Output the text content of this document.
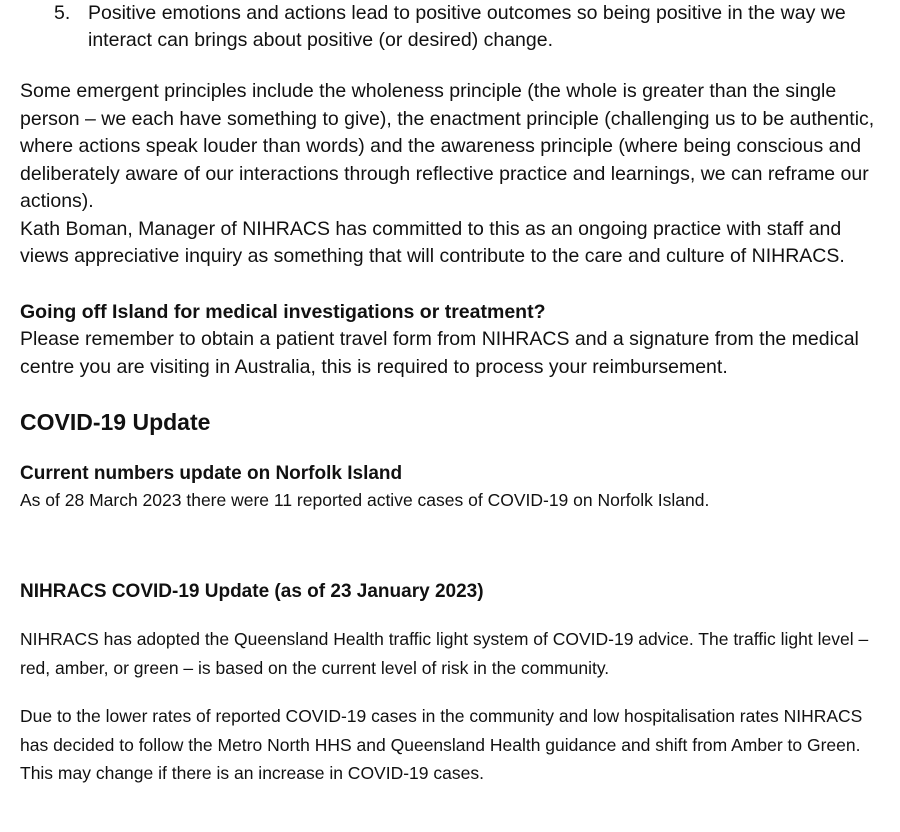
5. Positive emotions and actions lead to positive outcomes so being positive in the way we interact can brings about positive (or desired) change.

Some emergent principles include the wholeness principle (the whole is greater than the single person – we each have something to give), the enactment principle (challenging us to be authentic, where actions speak louder than words) and the awareness principle (where being conscious and deliberately aware of our interactions through reflective practice and learnings, we can reframe our actions).

Kath Boman, Manager of NIHRACS has committed to this as an ongoing practice with staff and views appreciative inquiry as something that will contribute to the care and culture of NIHRACS.

Going off Island for medical investigations or treatment?

Please remember to obtain a patient travel form from NIHRACS and a signature from the medical centre you are visiting in Australia, this is required to process your reimbursement.

COVID-19 Update
Current numbers update on Norfolk Island

As of 28 March 2023 there were 11 reported active cases of COVID-19 on Norfolk Island.

NIHRACS COVID-19 Update (as of 23 January 2023)

NIHRACS has adopted the Queensland Health traffic light system of COVID-19 advice. The traffic light level – red, amber, or green – is based on the current level of risk in the community.

Due to the lower rates of reported COVID-19 cases in the community and low hospitalisation rates NIHRACS has decided to follow the Metro North HHS and Queensland Health guidance and shift from Amber to Green. This may change if there is an increase in COVID-19 cases.
